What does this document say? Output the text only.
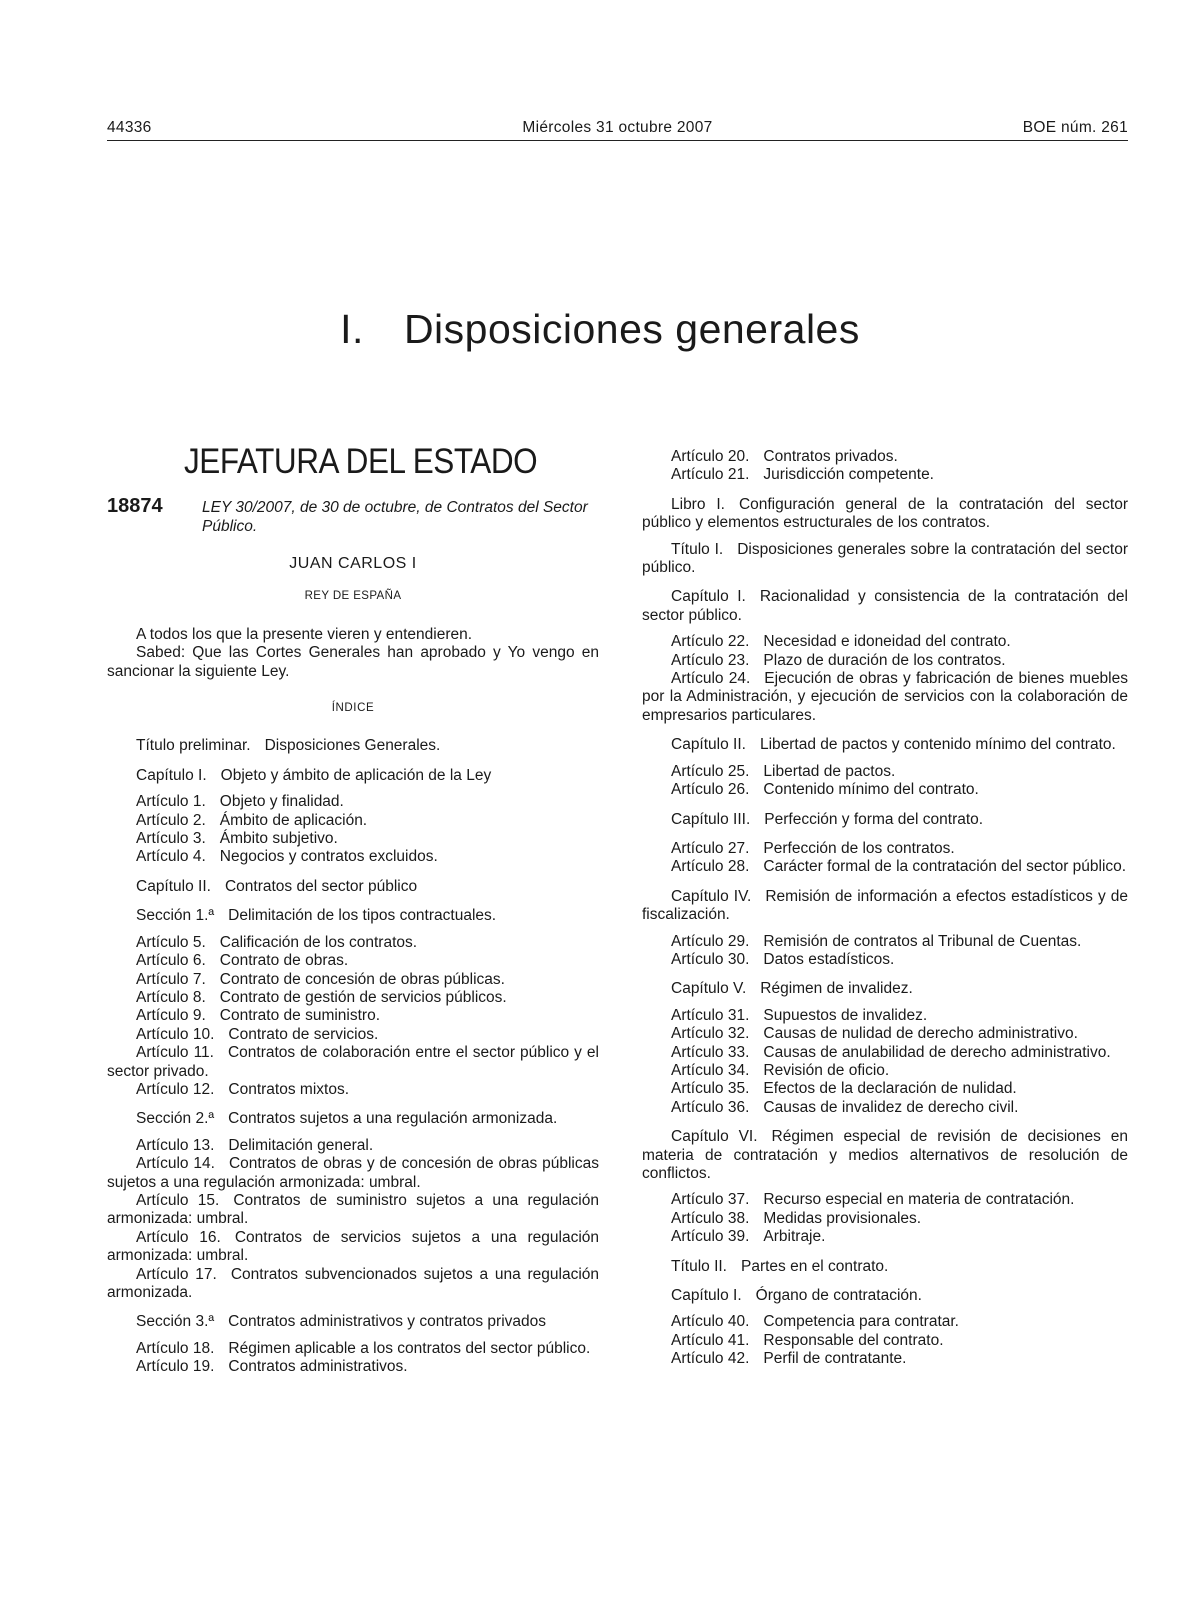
44336	Miércoles 31 octubre 2007	BOE núm. 261
I. Disposiciones generales
JEFATURA DEL ESTADO
18874	LEY 30/2007, de 30 de octubre, de Contratos del Sector Público.
JUAN CARLOS I
REY DE ESPAÑA

A todos los que la presente vieren y entendieren.

Sabed: Que las Cortes Generales han aprobado y Yo vengo en sancionar la siguiente Ley.

ÍNDICE

Título preliminar. Disposiciones Generales.

Capítulo I. Objeto y ámbito de aplicación de la Ley

Artículo 1. Objeto y finalidad.

Artículo 2. Ámbito de aplicación.

Artículo 3. Ámbito subjetivo.

Artículo 4. Negocios y contratos excluidos.

Capítulo II. Contratos del sector público

Sección 1.ª Delimitación de los tipos contractuales.

Artículo 5. Calificación de los contratos.

Artículo 6. Contrato de obras.

Artículo 7. Contrato de concesión de obras públicas.

Artículo 8. Contrato de gestión de servicios públicos.

Artículo 9. Contrato de suministro.

Artículo 10. Contrato de servicios.

Artículo 11. Contratos de colaboración entre el sector público y el sector privado.

Artículo 12. Contratos mixtos.

Sección 2.ª Contratos sujetos a una regulación armonizada.

Artículo 13. Delimitación general.

Artículo 14. Contratos de obras y de concesión de obras públicas sujetos a una regulación armonizada: umbral.

Artículo 15. Contratos de suministro sujetos a una regulación armonizada: umbral.

Artículo 16. Contratos de servicios sujetos a una regulación armonizada: umbral.

Artículo 17. Contratos subvencionados sujetos a una regulación armonizada.

Sección 3.ª Contratos administrativos y contratos privados

Artículo 18. Régimen aplicable a los contratos del sector público.

Artículo 19. Contratos administrativos.

Artículo 20. Contratos privados.

Artículo 21. Jurisdicción competente.

Libro I. Configuración general de la contratación del sector público y elementos estructurales de los contratos.

Título I. Disposiciones generales sobre la contratación del sector público.

Capítulo I. Racionalidad y consistencia de la contratación del sector público.

Artículo 22. Necesidad e idoneidad del contrato.

Artículo 23. Plazo de duración de los contratos.

Artículo 24. Ejecución de obras y fabricación de bienes muebles por la Administración, y ejecución de servicios con la colaboración de empresarios particulares.

Capítulo II. Libertad de pactos y contenido mínimo del contrato.

Artículo 25. Libertad de pactos.

Artículo 26. Contenido mínimo del contrato.

Capítulo III. Perfección y forma del contrato.

Artículo 27. Perfección de los contratos.

Artículo 28. Carácter formal de la contratación del sector público.

Capítulo IV. Remisión de información a efectos estadísticos y de fiscalización.

Artículo 29. Remisión de contratos al Tribunal de Cuentas.

Artículo 30. Datos estadísticos.

Capítulo V. Régimen de invalidez.

Artículo 31. Supuestos de invalidez.

Artículo 32. Causas de nulidad de derecho administrativo.

Artículo 33. Causas de anulabilidad de derecho administrativo.

Artículo 34. Revisión de oficio.

Artículo 35. Efectos de la declaración de nulidad.

Artículo 36. Causas de invalidez de derecho civil.

Capítulo VI. Régimen especial de revisión de decisiones en materia de contratación y medios alternativos de resolución de conflictos.

Artículo 37. Recurso especial en materia de contratación.

Artículo 38. Medidas provisionales.

Artículo 39. Arbitraje.

Título II. Partes en el contrato.

Capítulo I. Órgano de contratación.

Artículo 40. Competencia para contratar.

Artículo 41. Responsable del contrato.

Artículo 42. Perfil de contratante.
